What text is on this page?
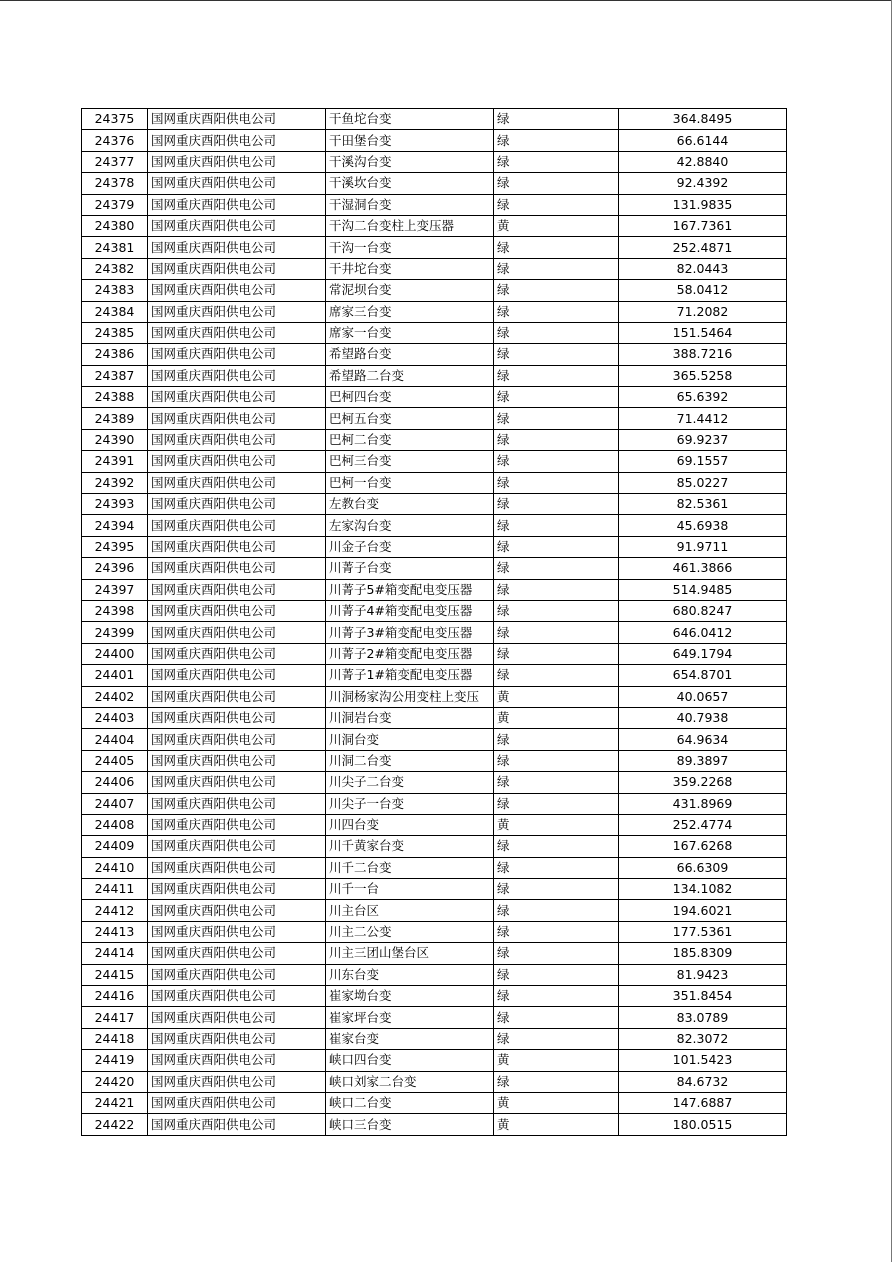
24375	国网重庆酉阳供电公司	干鱼坨台变	绿	364.8495
24376	国网重庆酉阳供电公司	干田堡台变	绿	66.6144
24377	国网重庆酉阳供电公司	干溪沟台变	绿	42.8840
24378	国网重庆酉阳供电公司	干溪坎台变	绿	92.4392
24379	国网重庆酉阳供电公司	干湿洞台变	绿	131.9835
24380	国网重庆酉阳供电公司	干沟二台变柱上变压器	黄	167.7361
24381	国网重庆酉阳供电公司	干沟一台变	绿	252.4871
24382	国网重庆酉阳供电公司	干井坨台变	绿	82.0443
24383	国网重庆酉阳供电公司	常泥坝台变	绿	58.0412
24384	国网重庆酉阳供电公司	席家三台变	绿	71.2082
24385	国网重庆酉阳供电公司	席家一台变	绿	151.5464
24386	国网重庆酉阳供电公司	希望路台变	绿	388.7216
24387	国网重庆酉阳供电公司	希望路二台变	绿	365.5258
24388	国网重庆酉阳供电公司	巴柯四台变	绿	65.6392
24389	国网重庆酉阳供电公司	巴柯五台变	绿	71.4412
24390	国网重庆酉阳供电公司	巴柯二台变	绿	69.9237
24391	国网重庆酉阳供电公司	巴柯三台变	绿	69.1557
24392	国网重庆酉阳供电公司	巴柯一台变	绿	85.0227
24393	国网重庆酉阳供电公司	左教台变	绿	82.5361
24394	国网重庆酉阳供电公司	左家沟台变	绿	45.6938
24395	国网重庆酉阳供电公司	川金子台变	绿	91.9711
24396	国网重庆酉阳供电公司	川菁子台变	绿	461.3866
24397	国网重庆酉阳供电公司	川菁子5#箱变配电变压器	绿	514.9485
24398	国网重庆酉阳供电公司	川菁子4#箱变配电变压器	绿	680.8247
24399	国网重庆酉阳供电公司	川菁子3#箱变配电变压器	绿	646.0412
24400	国网重庆酉阳供电公司	川菁子2#箱变配电变压器	绿	649.1794
24401	国网重庆酉阳供电公司	川菁子1#箱变配电变压器	绿	654.8701
24402	国网重庆酉阳供电公司	川洞杨家沟公用变柱上变压	黄	40.0657
24403	国网重庆酉阳供电公司	川洞岩台变	黄	40.7938
24404	国网重庆酉阳供电公司	川洞台变	绿	64.9634
24405	国网重庆酉阳供电公司	川洞二台变	绿	89.3897
24406	国网重庆酉阳供电公司	川尖子二台变	绿	359.2268
24407	国网重庆酉阳供电公司	川尖子一台变	绿	431.8969
24408	国网重庆酉阳供电公司	川四台变	黄	252.4774
24409	国网重庆酉阳供电公司	川千黄家台变	绿	167.6268
24410	国网重庆酉阳供电公司	川千二台变	绿	66.6309
24411	国网重庆酉阳供电公司	川千一台	绿	134.1082
24412	国网重庆酉阳供电公司	川主台区	绿	194.6021
24413	国网重庆酉阳供电公司	川主二公变	绿	177.5361
24414	国网重庆酉阳供电公司	川主三团山堡台区	绿	185.8309
24415	国网重庆酉阳供电公司	川东台变	绿	81.9423
24416	国网重庆酉阳供电公司	崔家坳台变	绿	351.8454
24417	国网重庆酉阳供电公司	崔家坪台变	绿	83.0789
24418	国网重庆酉阳供电公司	崔家台变	绿	82.3072
24419	国网重庆酉阳供电公司	峡口四台变	黄	101.5423
24420	国网重庆酉阳供电公司	峡口刘家二台变	绿	84.6732
24421	国网重庆酉阳供电公司	峡口二台变	黄	147.6887
24422	国网重庆酉阳供电公司	峡口三台变	黄	180.0515
